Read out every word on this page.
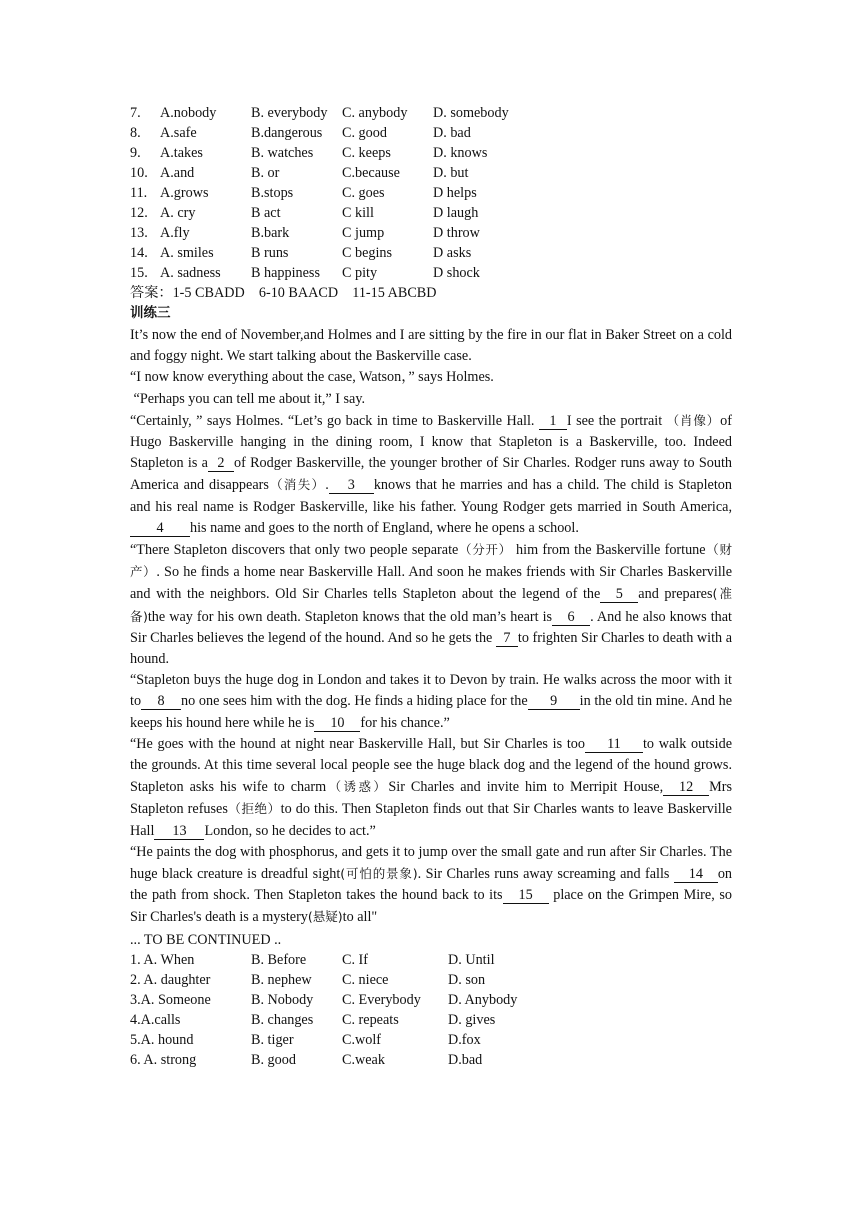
7.	A.nobody	B. everybody	C. anybody	D. somebody
8.	A.safe	B.dangerous	C. good	D. bad
9.	A.takes	B. watches	C. keeps	D. knows
10. A.and	B. or	C.because	D. but
11. A.grows	B.stops	C. goes	D helps
12. A. cry	B act	C kill	D laugh
13. A.fly	B.bark	C jump	D throw
14. A. smiles	B runs	C begins	D asks
15. A. sadness	B happiness	C pity	D shock
答案：1-5 CBADD    6-10 BAACD    11-15 ABCBD
训练三

It’s now the end of November,and Holmes and I are sitting by the fire in our flat in Baker Street on a cold and foggy night. We start talking about the Baskerville case.

“I now know everything about the case, Watson，” says Holmes.

“Perhaps you can tell me about it,” I say.

“Certainly, ” says Holmes. “Let’s go back in time to Baskerville Hall. 1 I see the portrait （肖像）of Hugo Baskerville hanging in the dining room, I know that Stapleton is a Baskerville, too. Indeed Stapleton is a 2 of Rodger Baskerville, the younger brother of Sir Charles. Rodger runs away to South America and disappears（消失）. 3 knows that he marries and has a child. The child is Stapleton and his real name is Rodger Baskerville, like his father. Young Rodger gets married in South America,4 his name and goes to the north of England, where he opens a school.

“There Stapleton discovers that only two people separate（分开） him from the Baskerville fortune（财产）. So he finds a home near Baskerville Hall. And soon he makes friends with Sir Charles Baskerville and with the neighbors. Old Sir Charles tells Stapleton about the legend of the 5 and prepares(准备)the way for his own death. Stapleton knows that the old man’s heart is 6 . And he also knows that Sir Charles believes the legend of the hound. And so he gets the 7 to frighten Sir Charles to death with a hound.

“Stapleton buys the huge dog in London and takes it to Devon by train. He walks across the moor with it to 8 no one sees him with the dog. He finds a hiding place for the 9 in the old tin mine. And he keeps his hound here while he is 10 for his chance.”

“He goes with the hound at night near Baskerville Hall, but Sir Charles is too 11 to walk outside the grounds. At this time several local people see the huge black dog and the legend of the hound grows. Stapleton asks his wife to charm（诱惑）Sir Charles and invite him to Merripit House, 12 Mrs Stapleton refuses（拒绝）to do this. Then Stapleton finds out that Sir Charles wants to leave Baskerville Hall 13 London, so he decides to act.”

“He paints the dog with phosphorus, and gets it to jump over the small gate and run after Sir Charles. The huge black creature is dreadful sight(可怕的景象). Sir Charles runs away screaming and falls 14 on the path from shock. Then Stapleton takes the hound back to its 15 place on the Grimpen Mire, so Sir Charles's death is a mystery(悬疑)to all"

... TO BE CONTINUED ..
1. A. When	B. Before	C. If	D. Until
2. A. daughter	B. nephew	C. niece	D. son
3.A. Someone	B. Nobody	C. Everybody	D. Anybody
4.A.calls	B. changes	C. repeats	D. gives
5.A. hound	B. tiger	C.wolf	D.fox
6. A. strong	B. good	C.weak	D.bad
